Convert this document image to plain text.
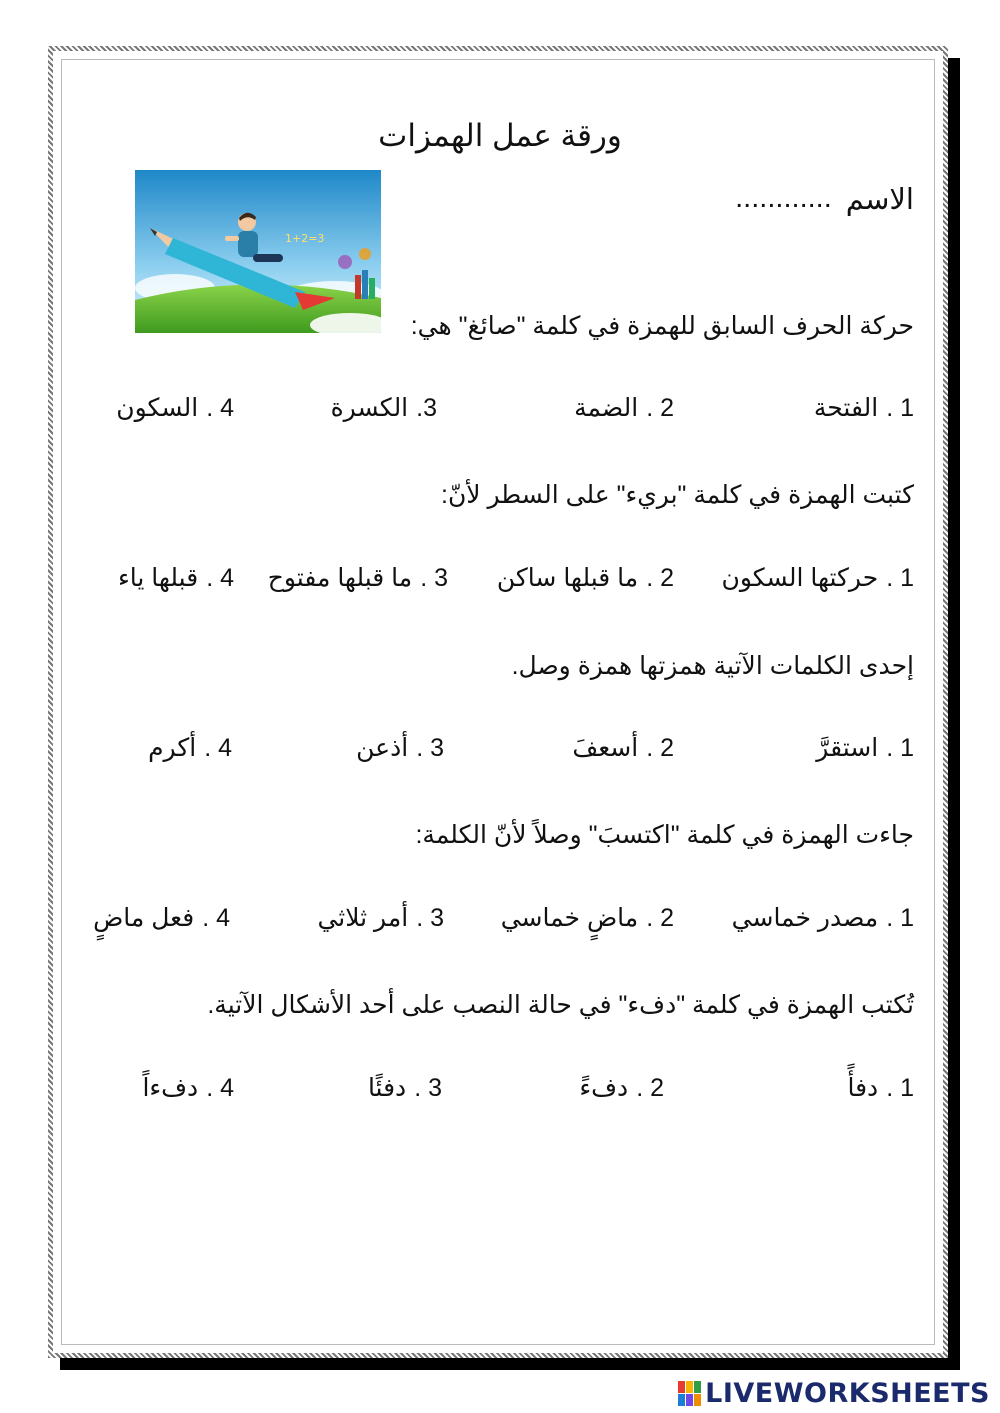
ورقة عمل الهمزات
الاسم
............
1+2=3
حركة الحرف السابق للهمزة في كلمة "صائغ" هي:
1 .الفتحة
2 .الضمة
3.الكسرة
4 .السكون
كتبت الهمزة في كلمة "بريء" على السطر لأنّ:
1 .حركتها السكون
2 .ما قبلها ساكن
3 .ما قبلها مفتوح
4 .قبلها ياء
إحدى الكلمات الآتية همزتها همزة وصل.
1 .استقرَّ
2 .أسعفَ
3 .أذعن
4 .أكرم
جاءت الهمزة في كلمة "اكتسبَ" وصلاً لأنّ الكلمة:
1 .مصدر خماسي
2 .ماضٍ خماسي
3 .أمر ثلاثي
4 .فعل ماضٍ
تُكتب الهمزة في كلمة "دفء" في حالة النصب على أحد الأشكال الآتية.
1 .دفأً
2 .دفءً
3 .دفئًا
4 .دفءاً
LIVEWORKSHEETS
